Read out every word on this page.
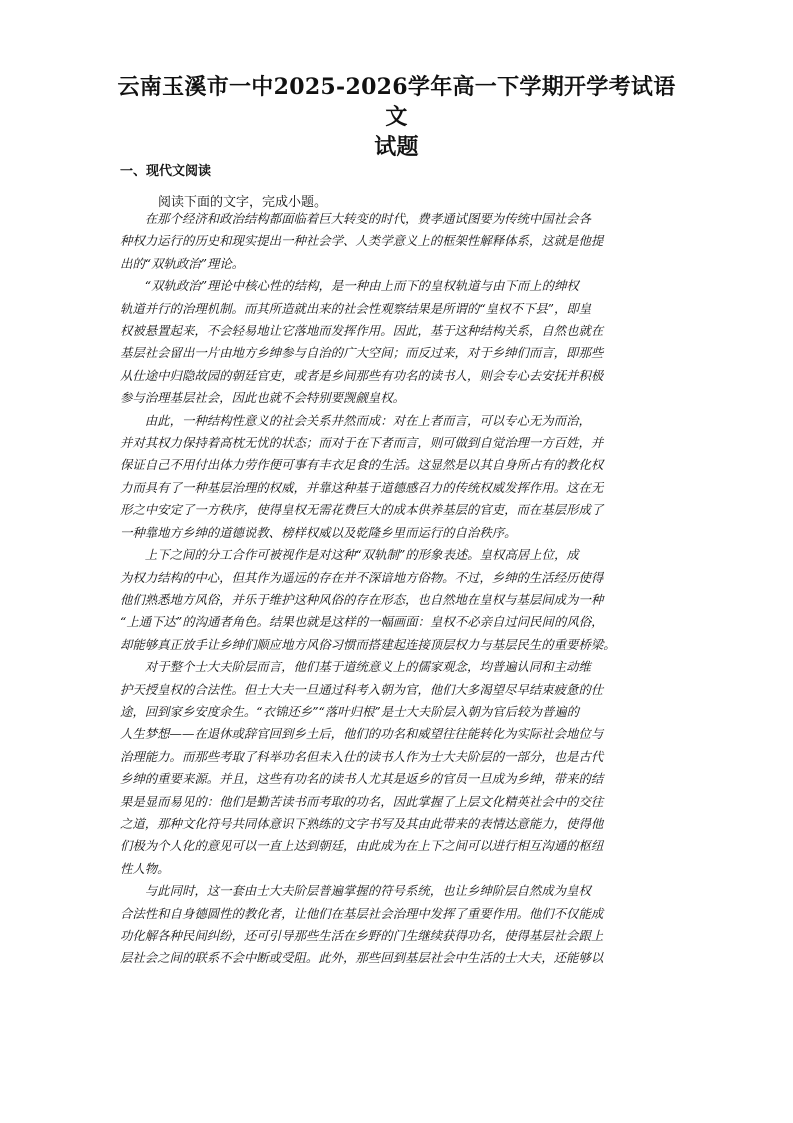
云南玉溪市一中2025-2026学年高一下学期开学考试语文
试题
一、现代文阅读
阅读下面的文字，完成小题。

在那个经济和政治结构都面临着巨大转变的时代，费孝通试图要为传统中国社会各
种权力运行的历史和现实提出一种社会学、人类学意义上的框架性解释体系，这就是他提
出的“双轨政治”理论。

“双轨政治”理论中核心性的结构，是一种由上而下的皇权轨道与由下而上的绅权
轨道并行的治理机制。而其所造就出来的社会性观察结果是所谓的“皇权不下县”，即皇
权被悬置起来，不会轻易地让它落地而发挥作用。因此，基于这种结构关系，自然也就在
基层社会留出一片由地方乡绅参与自治的广大空间；而反过来，对于乡绅们而言，即那些
从仕途中归隐故园的朝廷官吏，或者是乡间那些有功名的读书人，则会专心去安抚并积极
参与治理基层社会，因此也就不会特别要觊觎皇权。

由此，一种结构性意义的社会关系井然而成：对在上者而言，可以专心无为而治，
并对其权力保持着高枕无忧的状态；而对于在下者而言，则可做到自觉治理一方百姓，并
保证自己不用付出体力劳作便可事有丰衣足食的生活。这显然是以其自身所占有的教化权
力而具有了一种基层治理的权威，并靠这种基于道德感召力的传统权威发挥作用。这在无
形之中安定了一方秩序，使得皇权无需花费巨大的成本供养基层的官吏，而在基层形成了
一种靠地方乡绅的道德说教、榜样权威以及乾隆乡里而运行的自治秩序。

上下之间的分工合作可被视作是对这种“双轨制”的形象表述。皇权高居上位，成
为权力结构的中心，但其作为遥远的存在并不深谙地方俗物。不过，乡绅的生活经历使得
他们熟悉地方风俗，并乐于维护这种风俗的存在形态，也自然地在皇权与基层间成为一种
“上通下达”的沟通者角色。结果也就是这样的一幅画面：皇权不必亲自过问民间的风俗，
却能够真正放手让乡绅们顺应地方风俗习惯而搭建起连接顶层权力与基层民生的重要桥梁。

对于整个士大夫阶层而言，他们基于道统意义上的儒家观念，均普遍认同和主动维
护天授皇权的合法性。但士大夫一旦通过科考入朝为官，他们大多渴望尽早结束疲惫的仕
途，回到家乡安度余生。“衣锦还乡”“落叶归根”是士大夫阶层入朝为官后较为普遍的
人生梦想——在退休或辞官回到乡土后，他们的功名和威望往往能转化为实际社会地位与
治理能力。而那些考取了科举功名但未入仕的读书人作为士大夫阶层的一部分，也是古代
乡绅的重要来源。并且，这些有功名的读书人尤其是返乡的官员一旦成为乡绅，带来的结
果是显而易见的：他们是勤苦读书而考取的功名，因此掌握了上层文化精英社会中的交往
之道，那种文化符号共同体意识下熟练的文字书写及其由此带来的表情达意能力，使得他
们极为个人化的意见可以一直上达到朝廷，由此成为在上下之间可以进行相互沟通的枢纽
性人物。

与此同时，这一套由士大夫阶层普遍掌握的符号系统，也让乡绅阶层自然成为皇权
合法性和自身德圆性的教化者，让他们在基层社会治理中发挥了重要作用。他们不仅能成
功化解各种民间纠纷，还可引导那些生活在乡野的门生继续获得功名，使得基层社会跟上
层社会之间的联系不会中断或受阻。此外，那些回到基层社会中生活的士大夫，还能够以
